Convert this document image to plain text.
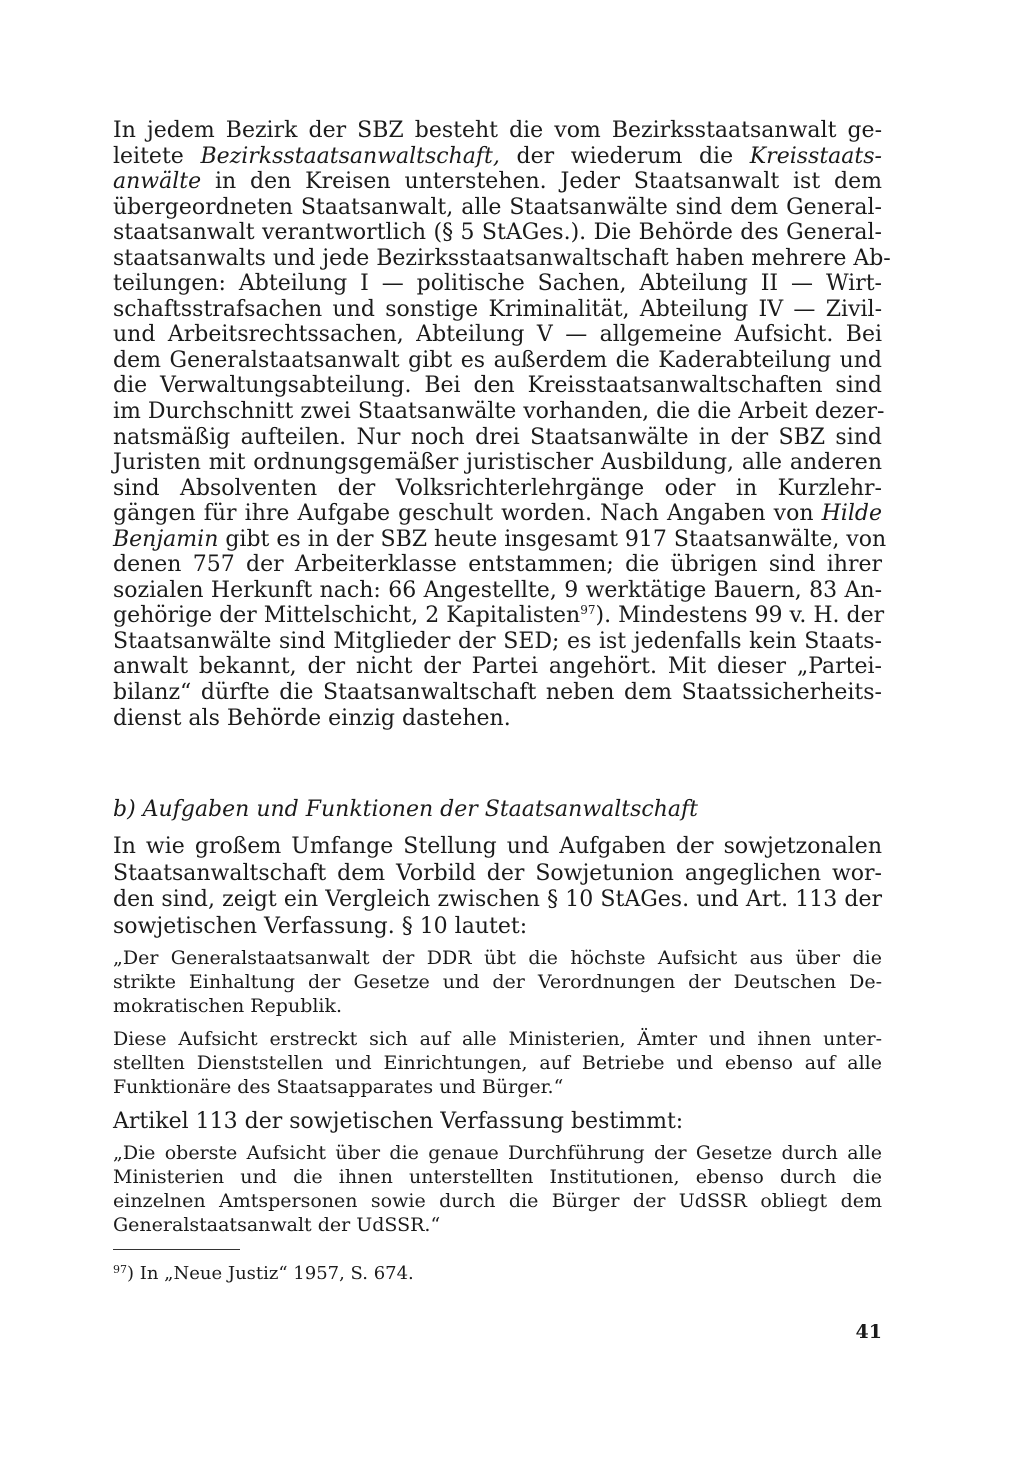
In jedem Bezirk der SBZ besteht die vom Bezirksstaatsanwalt ge-
leitete Bezirksstaatsanwaltschaft, der wiederum die Kreisstaats-
anwälte in den Kreisen unterstehen. Jeder Staatsanwalt ist dem
übergeordneten Staatsanwalt, alle Staatsanwälte sind dem General-
staatsanwalt verantwortlich (§ 5 StAGes.). Die Behörde des General-
staatsanwalts und jede Bezirksstaatsanwaltschaft haben mehrere Ab-
teilungen: Abteilung I — politische Sachen, Abteilung II — Wirt-
schaftsstrafsachen und sonstige Kriminalität, Abteilung IV — Zivil-
und Arbeitsrechtssachen, Abteilung V — allgemeine Aufsicht. Bei
dem Generalstaatsanwalt gibt es außerdem die Kaderabteilung und
die Verwaltungsabteilung. Bei den Kreisstaatsanwaltschaften sind
im Durchschnitt zwei Staatsanwälte vorhanden, die die Arbeit dezer-
natsmäßig aufteilen. Nur noch drei Staatsanwälte in der SBZ sind
Juristen mit ordnungsgemäßer juristischer Ausbildung, alle anderen
sind Absolventen der Volksrichterlehrgänge oder in Kurzlehr-
gängen für ihre Aufgabe geschult worden. Nach Angaben von Hilde
Benjamin gibt es in der SBZ heute insgesamt 917 Staatsanwälte, von
denen 757 der Arbeiterklasse entstammen; die übrigen sind ihrer
sozialen Herkunft nach: 66 Angestellte, 9 werktätige Bauern, 83 An-
gehörige der Mittelschicht, 2 Kapitalisten$^{97}$). Mindestens 99 v. H. der
Staatsanwälte sind Mitglieder der SED; es ist jedenfalls kein Staats-
anwalt bekannt, der nicht der Partei angehört. Mit dieser „Partei-
bilanz“ dürfte die Staatsanwaltschaft neben dem Staatssicherheits-
dienst als Behörde einzig dastehen.
b) Aufgaben und Funktionen der Staatsanwaltschaft
In wie großem Umfange Stellung und Aufgaben der sowjetzonalen
Staatsanwaltschaft dem Vorbild der Sowjetunion angeglichen wor-
den sind, zeigt ein Vergleich zwischen § 10 StAGes. und Art. 113 der
sowjetischen Verfassung. § 10 lautet:
„Der Generalstaatsanwalt der DDR übt die höchste Aufsicht aus über die
strikte Einhaltung der Gesetze und der Verordnungen der Deutschen De-
mokratischen Republik.
Diese Aufsicht erstreckt sich auf alle Ministerien, Ämter und ihnen unter-
stellten Dienststellen und Einrichtungen, auf Betriebe und ebenso auf alle
Funktionäre des Staatsapparates und Bürger.“
Artikel 113 der sowjetischen Verfassung bestimmt:
„Die oberste Aufsicht über die genaue Durchführung der Gesetze durch alle
Ministerien und die ihnen unterstellten Institutionen, ebenso durch die
einzelnen Amtspersonen sowie durch die Bürger der UdSSR obliegt dem
Generalstaatsanwalt der UdSSR.“
$^{97}$) In „Neue Justiz“ 1957, S. 674.
41
